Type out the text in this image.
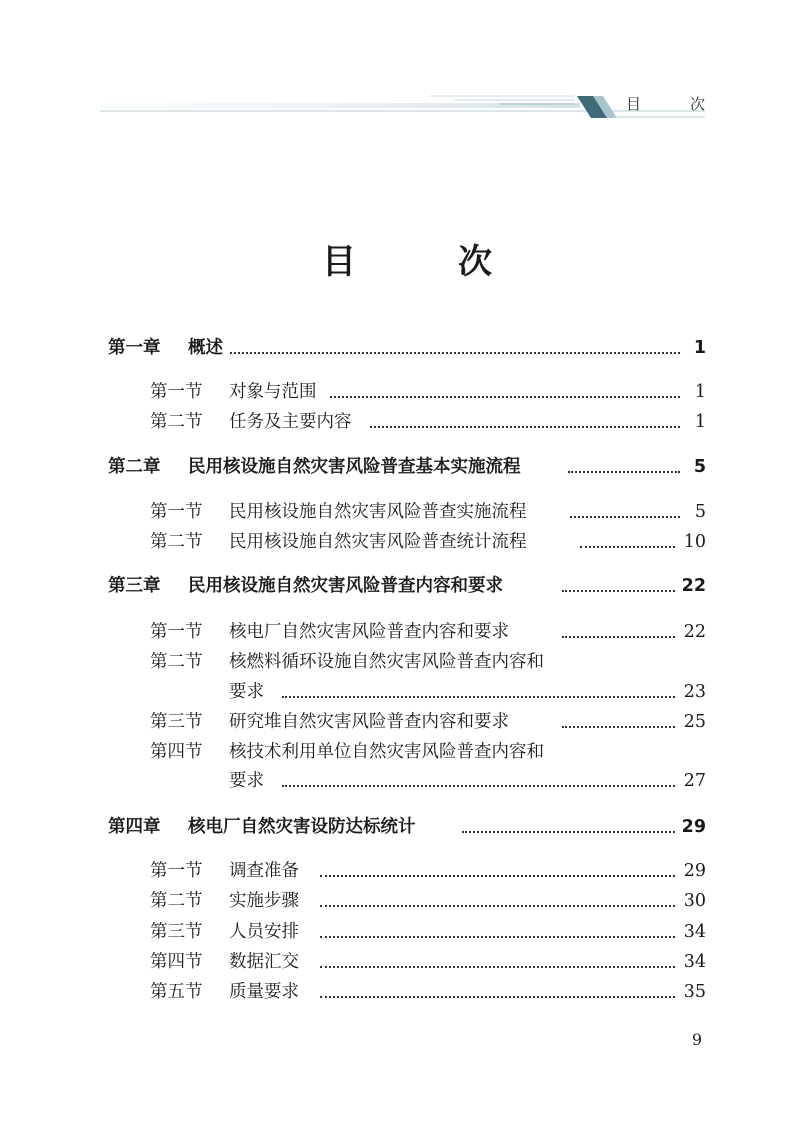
目	次
目	次
第一章 概述	1
第一节 对象与范围	1
第二节 任务及主要内容	1
第二章 民用核设施自然灾害风险普查基本实施流程	5
第一节 民用核设施自然灾害风险普查实施流程	5
第二节 民用核设施自然灾害风险普查统计流程	10
第三章 民用核设施自然灾害风险普查内容和要求	22
第一节 核电厂自然灾害风险普查内容和要求	22
第二节 核燃料循环设施自然灾害风险普查内容和
要求	23
第三节 研究堆自然灾害风险普查内容和要求	25
第四节 核技术利用单位自然灾害风险普查内容和
要求	27
第四章 核电厂自然灾害设防达标统计	29
第一节 调查准备	29
第二节 实施步骤	30
第三节 人员安排	34
第四节 数据汇交	34
第五节 质量要求	35
9
